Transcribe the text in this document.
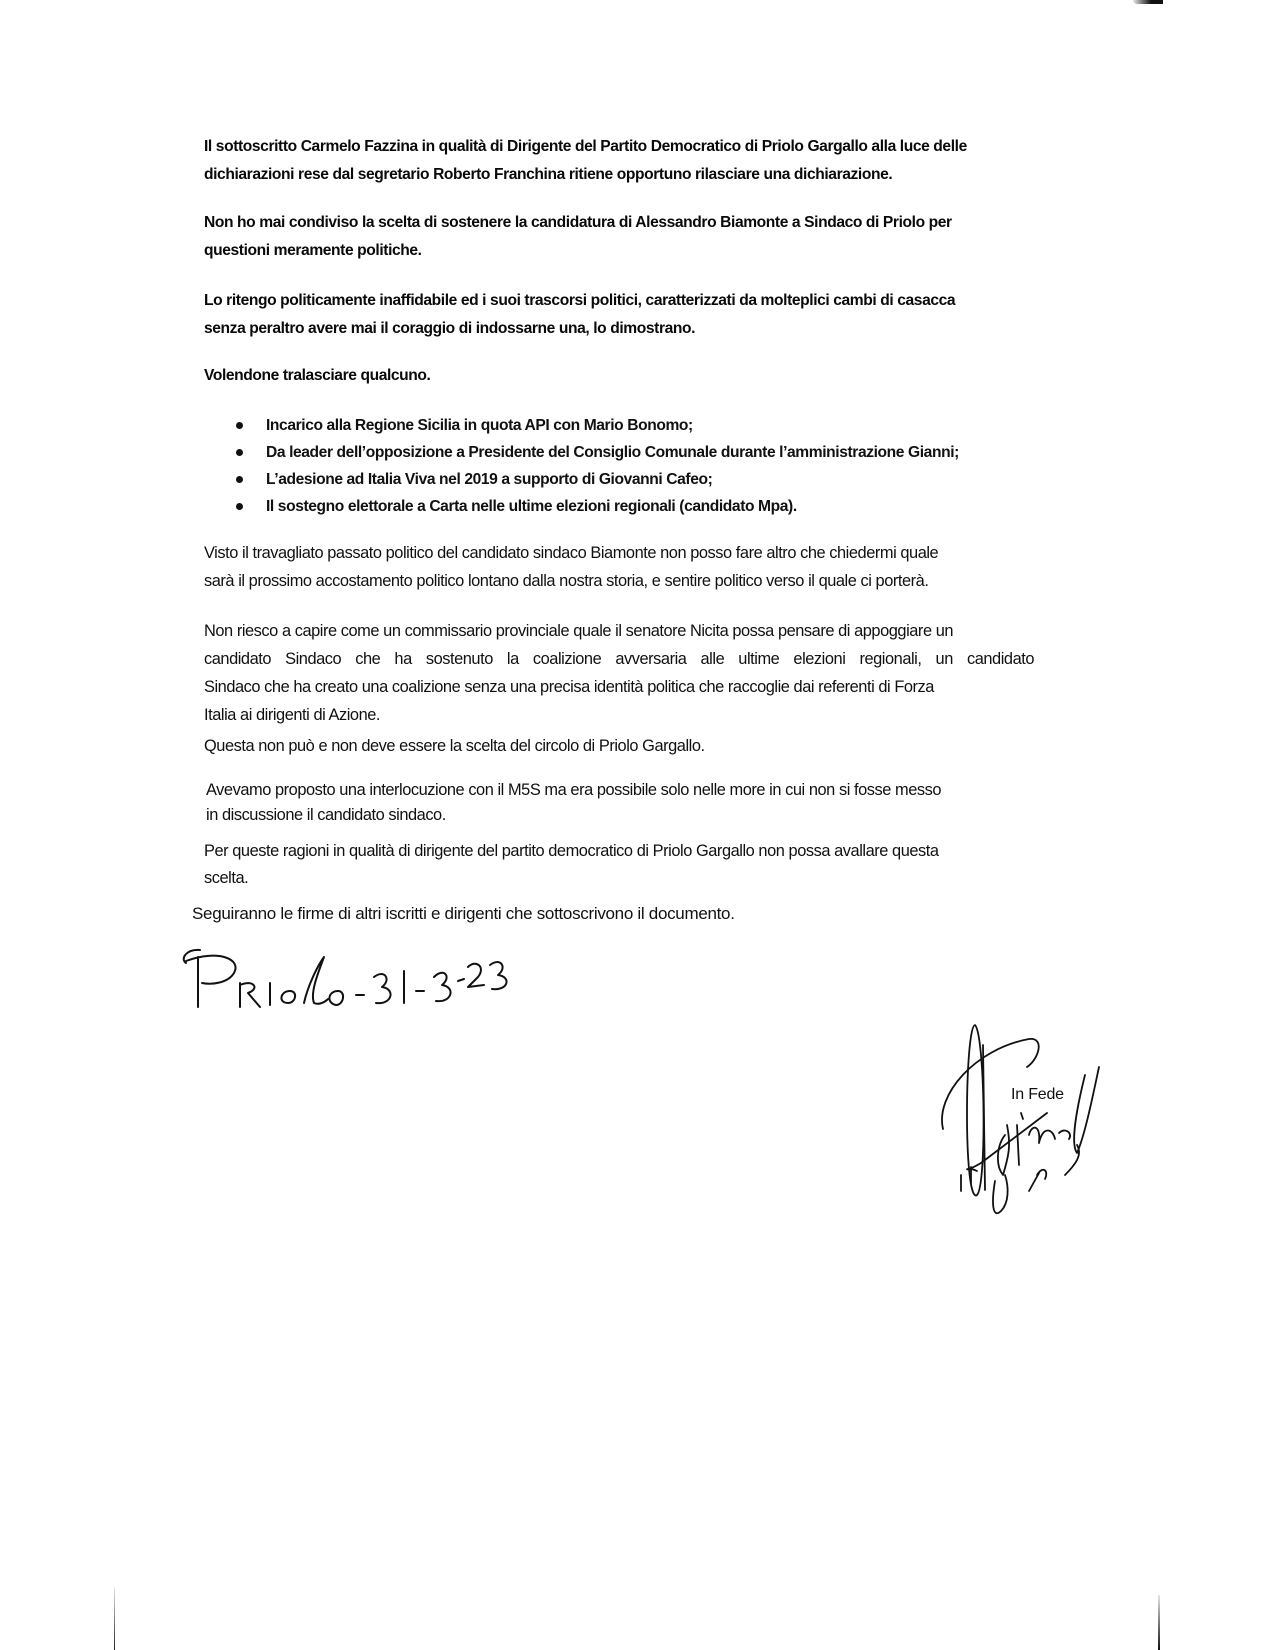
Il sottoscritto Carmelo Fazzina in qualità di Dirigente del Partito Democratico di Priolo Gargallo alla luce delle
dichiarazioni rese dal segretario Roberto Franchina ritiene opportuno rilasciare una dichiarazione.
Non ho mai condiviso la scelta di sostenere la candidatura di Alessandro Biamonte a Sindaco di Priolo per
questioni meramente politiche.
Lo ritengo politicamente inaffidabile ed i suoi trascorsi politici, caratterizzati da molteplici cambi di casacca
senza peraltro avere mai il coraggio di indossarne una, lo dimostrano.
Volendone tralasciare qualcuno.
Incarico alla Regione Sicilia in quota API con Mario Bonomo;
Da leader dell’opposizione a Presidente del Consiglio Comunale durante l’amministrazione Gianni;
L’adesione ad Italia Viva nel 2019 a supporto di Giovanni Cafeo;
Il sostegno elettorale a Carta nelle ultime elezioni regionali (candidato Mpa).
Visto il travagliato passato politico del candidato sindaco Biamonte non posso fare altro che chiedermi quale
sarà il prossimo accostamento politico lontano dalla nostra storia, e sentire politico verso il quale ci porterà.
Non riesco a capire come un commissario provinciale quale il senatore Nicita possa pensare di appoggiare un
candidato Sindaco che ha sostenuto la coalizione avversaria alle ultime elezioni regionali, un candidato
Sindaco che ha creato una coalizione senza una precisa identità politica che raccoglie dai referenti di Forza
Italia ai dirigenti di Azione.
Questa non può e non deve essere la scelta del circolo di Priolo Gargallo.
Avevamo proposto una interlocuzione con il M5S ma era possibile solo nelle more in cui non si fosse messo
in discussione il candidato sindaco.
Per queste ragioni in qualità di dirigente del partito democratico di Priolo Gargallo non possa avallare questa
scelta.
Seguiranno le firme di altri iscritti e dirigenti che sottoscrivono il documento.
In Fede
